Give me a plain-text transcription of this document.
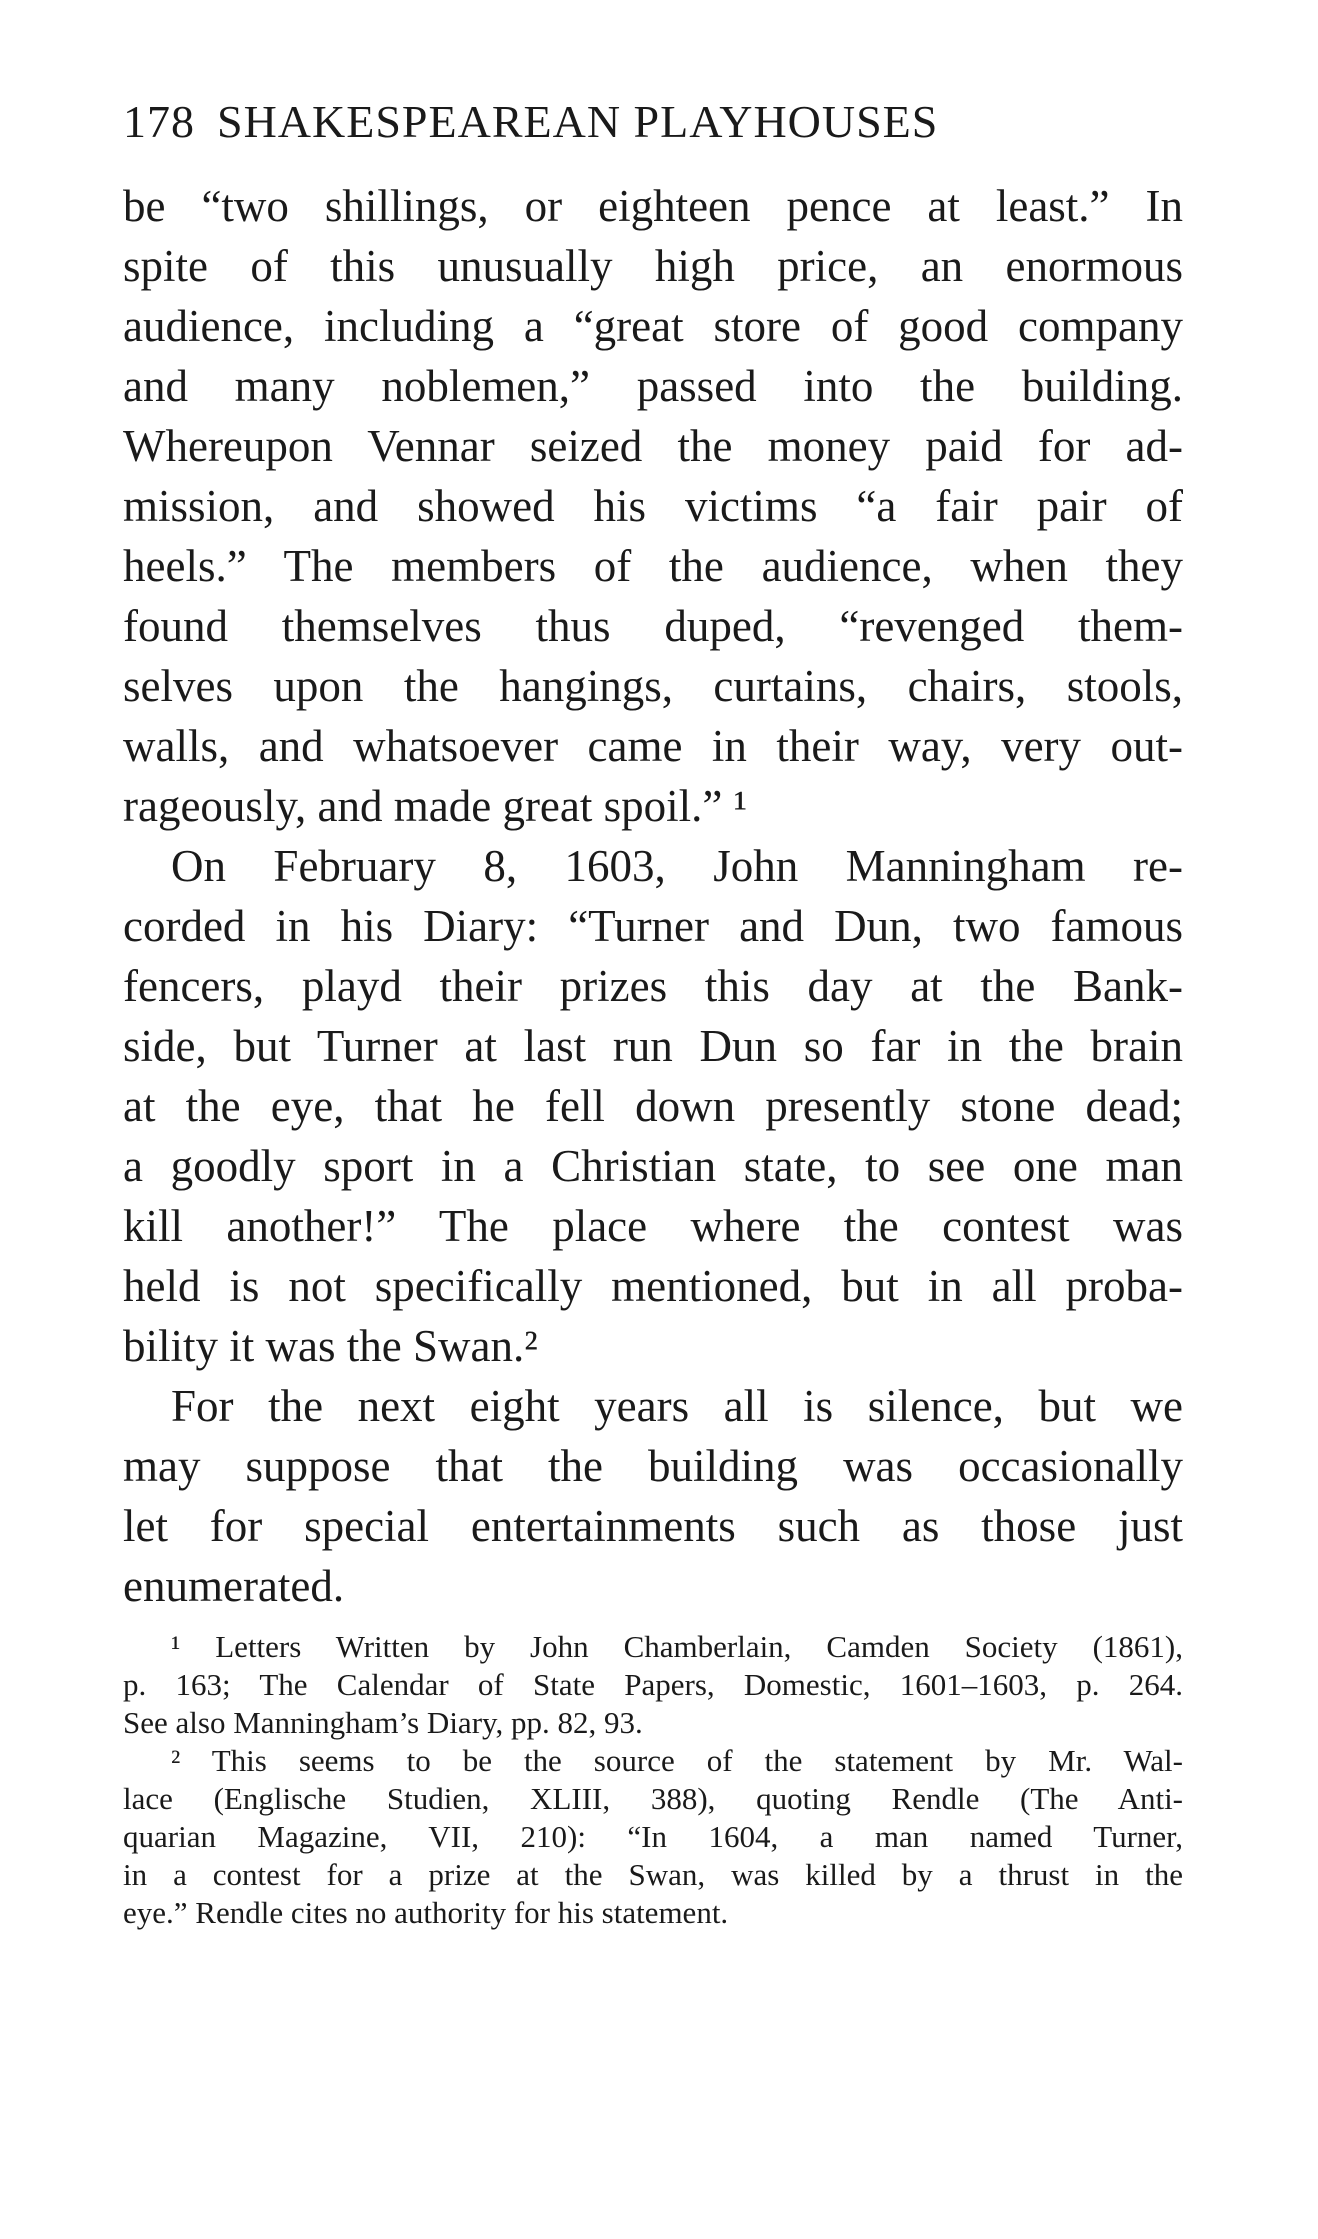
178 SHAKESPEAREAN PLAYHOUSES
be “two shillings, or eighteen pence at least.” In
spite of this unusually high price, an enormous
audience, including a “great store of good company
and many noblemen,” passed into the building.
Whereupon Vennar seized the money paid for ad-
mission, and showed his victims “a fair pair of
heels.” The members of the audience, when they
found themselves thus duped, “revenged them-
selves upon the hangings, curtains, chairs, stools,
walls, and whatsoever came in their way, very out-
rageously, and made great spoil.” ¹
On February 8, 1603, John Manningham re-
corded in his Diary: “Turner and Dun, two famous
fencers, playd their prizes this day at the Bank-
side, but Turner at last run Dun so far in the brain
at the eye, that he fell down presently stone dead;
a goodly sport in a Christian state, to see one man
kill another!” The place where the contest was
held is not specifically mentioned, but in all proba-
bility it was the Swan.²
For the next eight years all is silence, but we
may suppose that the building was occasionally
let for special entertainments such as those just
enumerated.
¹ Letters Written by John Chamberlain, Camden Society (1861),
p. 163; The Calendar of State Papers, Domestic, 1601–1603, p. 264.
See also Manningham’s Diary, pp. 82, 93.
² This seems to be the source of the statement by Mr. Wal-
lace (Englische Studien, XLIII, 388), quoting Rendle (The Anti-
quarian Magazine, VII, 210): “In 1604, a man named Turner,
in a contest for a prize at the Swan, was killed by a thrust in the
eye.” Rendle cites no authority for his statement.
